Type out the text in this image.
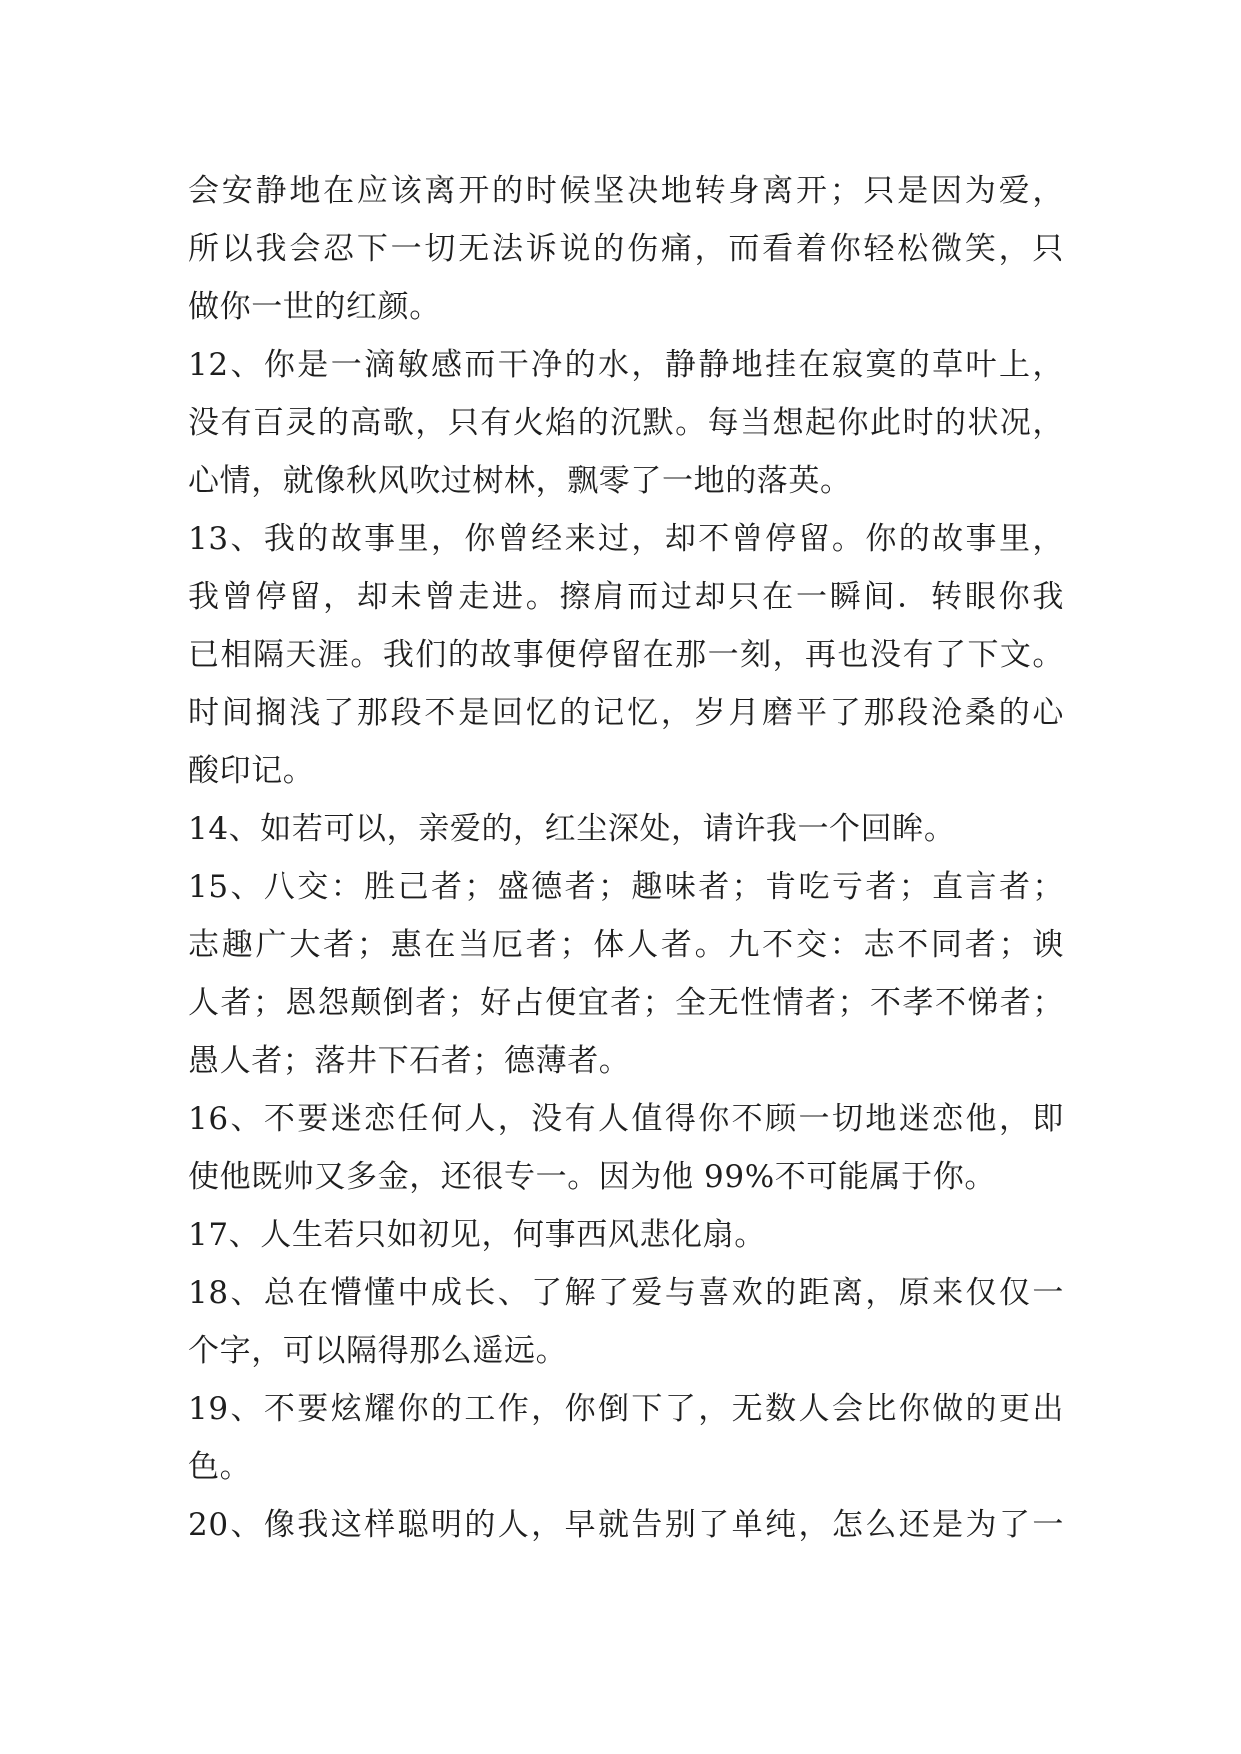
会安静地在应该离开的时候坚决地转身离开；只是因为爱，
所以我会忍下一切无法诉说的伤痛，而看着你轻松微笑，只
做你一世的红颜。
12、你是一滴敏感而干净的水，静静地挂在寂寞的草叶上，
没有百灵的高歌，只有火焰的沉默。每当想起你此时的状况，
心情，就像秋风吹过树林，飘零了一地的落英。
13、我的故事里，你曾经来过，却不曾停留。你的故事里，
我曾停留，却未曾走进。擦肩而过却只在一瞬间．转眼你我
已相隔天涯。我们的故事便停留在那一刻，再也没有了下文。
时间搁浅了那段不是回忆的记忆，岁月磨平了那段沧桑的心
酸印记。
14、如若可以，亲爱的，红尘深处，请许我一个回眸。
15、八交：胜己者；盛德者；趣味者；肯吃亏者；直言者；
志趣广大者；惠在当厄者；体人者。九不交：志不同者；谀
人者；恩怨颠倒者；好占便宜者；全无性情者；不孝不悌者；
愚人者；落井下石者；德薄者。
16、不要迷恋任何人，没有人值得你不顾一切地迷恋他，即
使他既帅又多金，还很专一。因为他 99%不可能属于你。
17、人生若只如初见，何事西风悲化扇。
18、总在懵懂中成长、了解了爱与喜欢的距离，原来仅仅一
个字，可以隔得那么遥远。
19、不要炫耀你的工作，你倒下了，无数人会比你做的更出
色。
20、像我这样聪明的人，早就告别了单纯，怎么还是为了一
